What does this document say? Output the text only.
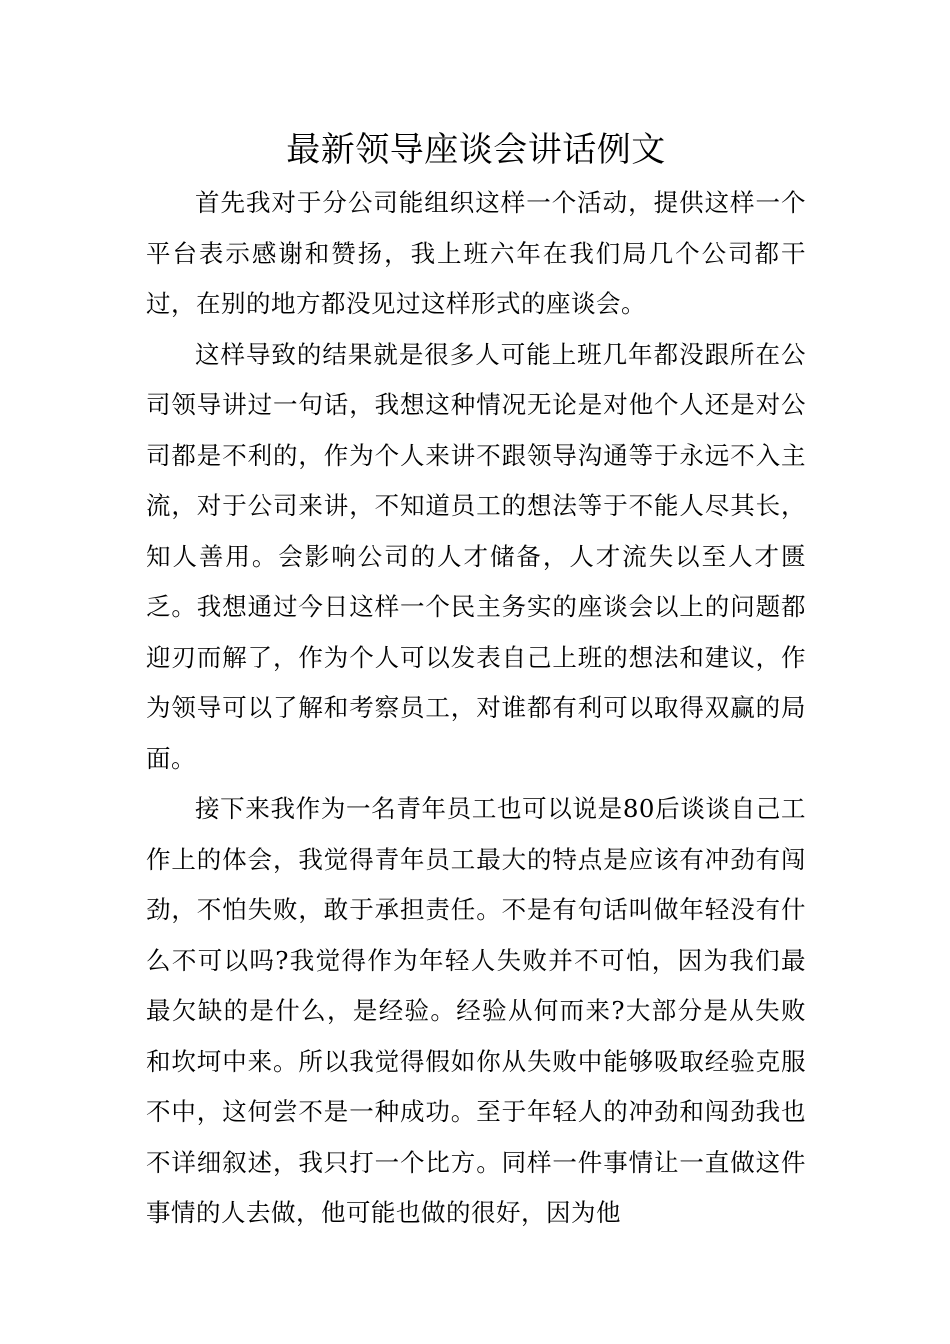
最新领导座谈会讲话例文

首先我对于分公司能组织这样一个活动，提供这样一个平台表示感谢和赞扬，我上班六年在我们局几个公司都干过，在别的地方都没见过这样形式的座谈会。

这样导致的结果就是很多人可能上班几年都没跟所在公司领导讲过一句话，我想这种情况无论是对他个人还是对公司都是不利的，作为个人来讲不跟领导沟通等于永远不入主流，对于公司来讲，不知道员工的想法等于不能人尽其长，知人善用。会影响公司的人才储备，人才流失以至人才匮乏。我想通过今日这样一个民主务实的座谈会以上的问题都迎刃而解了，作为个人可以发表自己上班的想法和建议，作为领导可以了解和考察员工，对谁都有利可以取得双赢的局面。

接下来我作为一名青年员工也可以说是80后谈谈自己工作上的体会，我觉得青年员工最大的特点是应该有冲劲有闯劲，不怕失败，敢于承担责任。不是有句话叫做年轻没有什么不可以吗?我觉得作为年轻人失败并不可怕，因为我们最最欠缺的是什么，是经验。经验从何而来?大部分是从失败和坎坷中来。所以我觉得假如你从失败中能够吸取经验克服不中，这何尝不是一种成功。至于年轻人的冲劲和闯劲我也不详细叙述，我只打一个比方。同样一件事情让一直做这件事情的人去做，他可能也做的很好，因为他
